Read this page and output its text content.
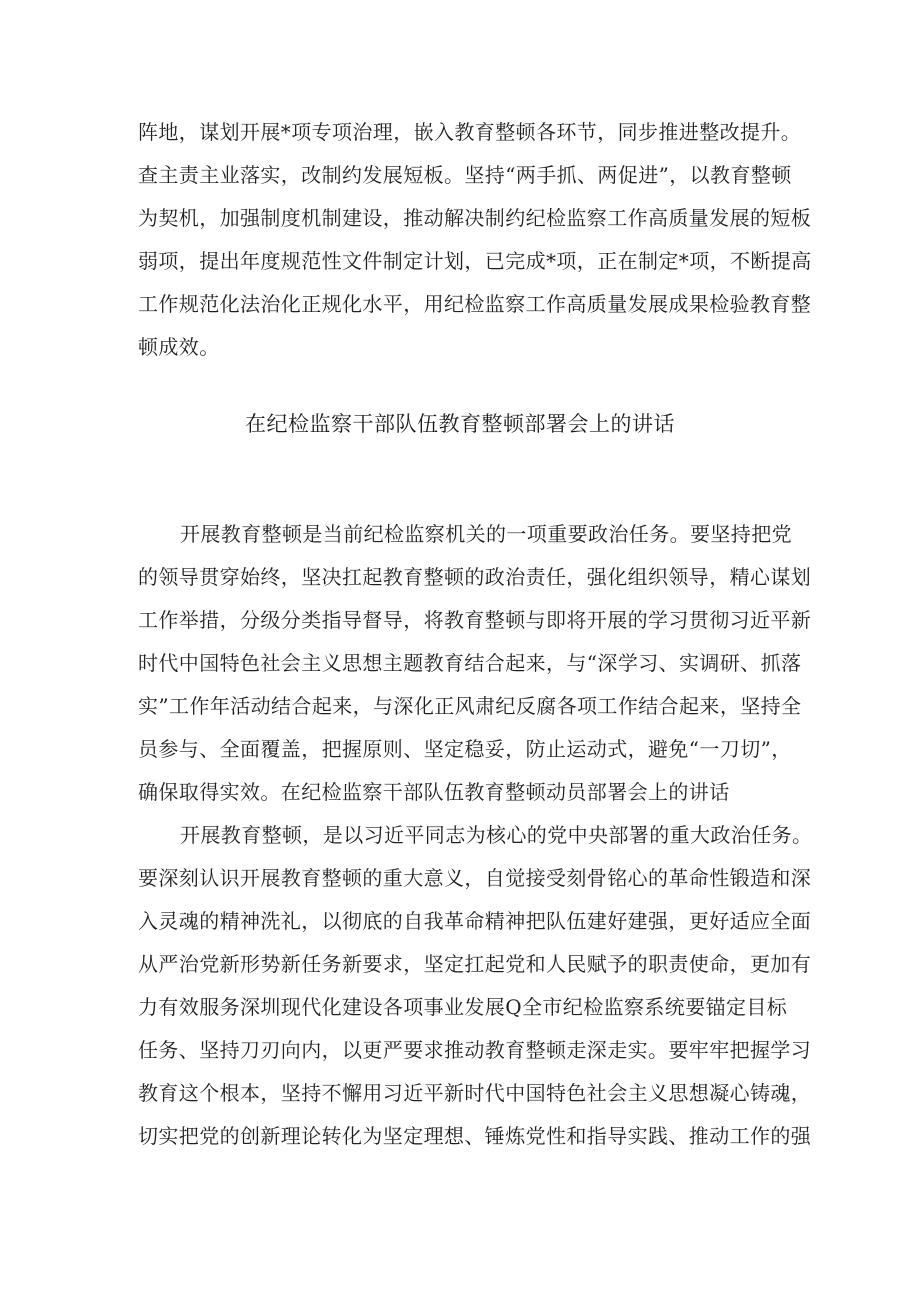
阵地，谋划开展*项专项治理，嵌入教育整顿各环节，同步推进整改提升。
查主责主业落实，改制约发展短板。坚持“两手抓、两促进”，以教育整顿
为契机，加强制度机制建设，推动解决制约纪检监察工作高质量发展的短板
弱项，提出年度规范性文件制定计划，已完成*项，正在制定*项，不断提高
工作规范化法治化正规化水平，用纪检监察工作高质量发展成果检验教育整
顿成效。
在纪检监察干部队伍教育整顿部署会上的讲话
开展教育整顿是当前纪检监察机关的一项重要政治任务。要坚持把党
的领导贯穿始终，坚决扛起教育整顿的政治责任，强化组织领导，精心谋划
工作举措，分级分类指导督导，将教育整顿与即将开展的学习贯彻习近平新
时代中国特色社会主义思想主题教育结合起来，与“深学习、实调研、抓落
实”工作年活动结合起来，与深化正风肃纪反腐各项工作结合起来，坚持全
员参与、全面覆盖，把握原则、坚定稳妥，防止运动式，避免“一刀切”，
确保取得实效。在纪检监察干部队伍教育整顿动员部署会上的讲话
开展教育整顿，是以习近平同志为核心的党中央部署的重大政治任务。
要深刻认识开展教育整顿的重大意义，自觉接受刻骨铭心的革命性锻造和深
入灵魂的精神洗礼，以彻底的自我革命精神把队伍建好建强，更好适应全面
从严治党新形势新任务新要求，坚定扛起党和人民赋予的职责使命，更加有
力有效服务深圳现代化建设各项事业发展Q全市纪检监察系统要锚定目标
任务、坚持刀刃向内，以更严要求推动教育整顿走深走实。要牢牢把握学习
教育这个根本，坚持不懈用习近平新时代中国特色社会主义思想凝心铸魂，
切实把党的创新理论转化为坚定理想、锤炼党性和指导实践、推动工作的强
